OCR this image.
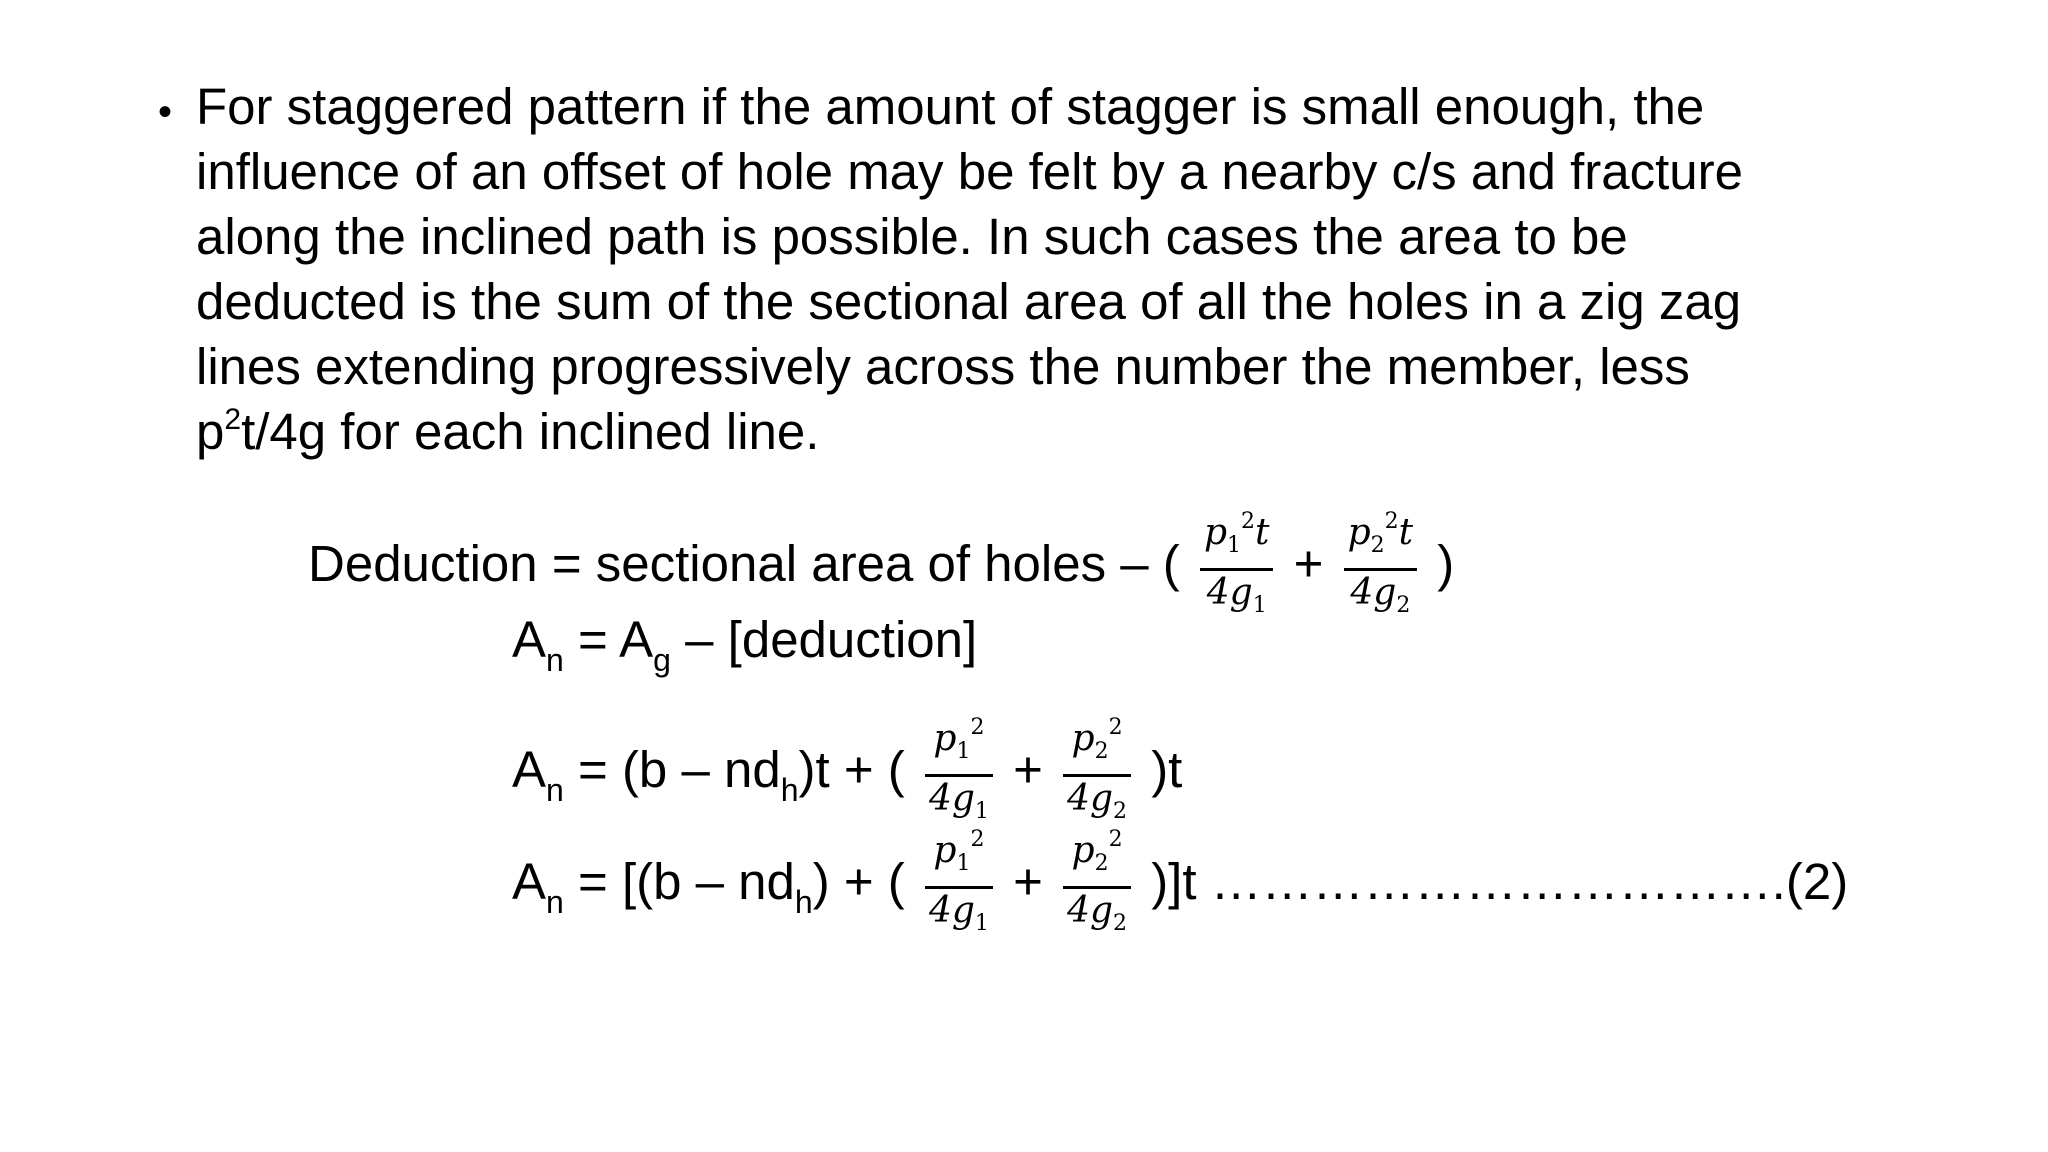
• For staggered pattern if the amount of stagger is small enough, the
influence of an offset of hole may be felt by a nearby c/s and fracture
along the inclined path is possible. In such cases the area to be
deducted is the sum of the sectional area of all the holes in a zig zag
lines extending progressively across the number the member, less
$p^2t/4g$ for each inclined line.
Deduction = sectional area of holes – ( $\frac{p_1^2t}{4g_1} + \frac{p_2^2t}{4g_2}$ )
$A_n = A_g$ – [deduction]
$A_n = (b - nd_h)t$ + ( $\frac{p_1^2}{4g_1} + \frac{p_2^2}{4g_2} )t$
$A_n = [(b - nd_h)$ + ( $\frac{p_1^2}{4g_1} + \frac{p_2^2}{4g_2} )]t$ …………………………….(2)
